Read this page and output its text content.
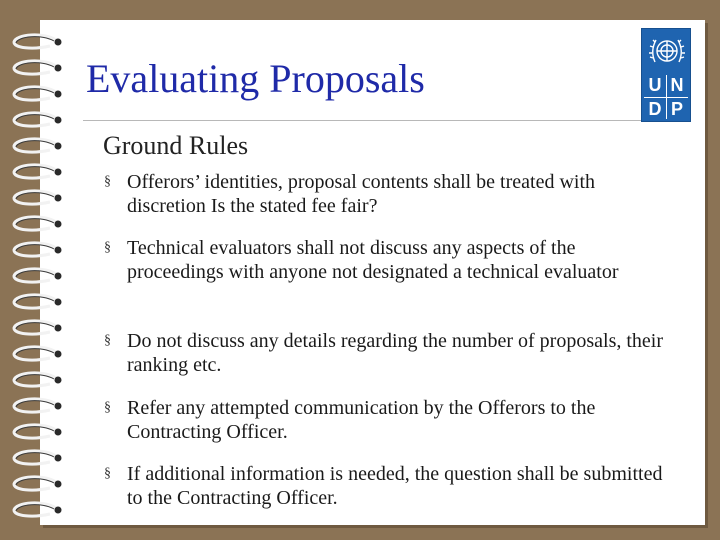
Evaluating Proposals	U N
D P
Ground Rules
§ Offerors’ identities, proposal contents shall be treated with discretion Is the stated fee fair?
§ Technical evaluators shall not discuss any aspects of the proceedings with anyone not designated a technical evaluator
§ Do not discuss any details regarding the number of proposals, their ranking etc.
§ Refer any attempted communication by the Offerors to the Contracting Officer.
§ If additional information is needed, the question shall be submitted to the Contracting Officer.
